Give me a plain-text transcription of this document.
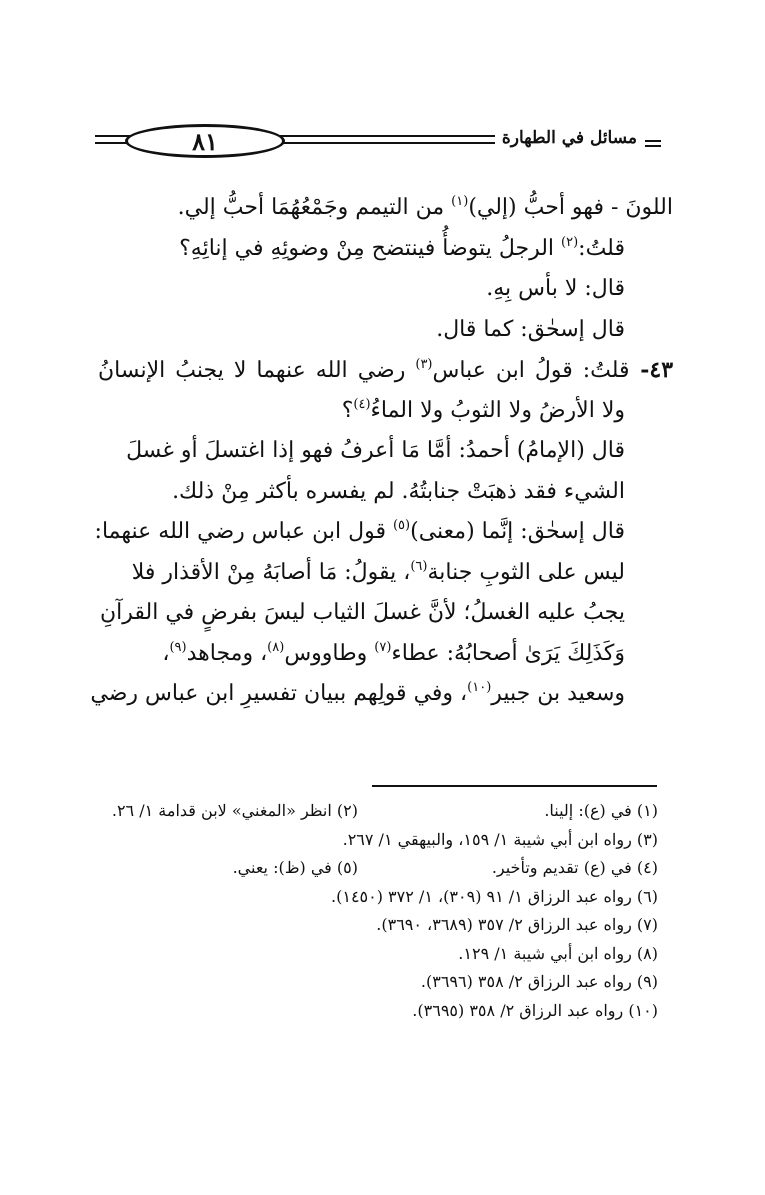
٨١	مسائل في الطهارة
اللونَ - فهو أحبُّ (إلي)$^{(١)}$ من التيمم وجَمْعُهُمَا أحبُّ إلي.
قلتُ:$^{(٢)}$ الرجلُ يتوضأُ فينتضح مِنْ وضوئِهِ في إنائِهِ؟
قال: لا بأس بِهِ.
قال إسحٰق: كما قال.
٤٣- قلتُ: قولُ ابن عباس$^{(٣)}$ رضي الله عنهما لا يجنبُ الإنسانُ
ولا الأرضُ ولا الثوبُ ولا الماءُ$^{(٤)}$؟
قال (الإمامُ) أحمدُ: أمَّا مَا أعرفُ فهو إذا اغتسلَ أو غسلَ
الشيء فقد ذهبَتْ جنابتُهُ. لم يفسره بأكثر مِنْ ذلك.
قال إسحٰق: إنَّما (معنى)$^{(٥)}$ قول ابن عباس رضي الله عنهما:
ليس على الثوبِ جنابة$^{(٦)}$، يقولُ: مَا أصابَهُ مِنْ الأقذار فلا
يجبُ عليه الغسلُ؛ لأنَّ غسلَ الثياب ليسَ بفرضٍ في القرآنِ
وَكَذَلِكَ يَرَىٰ أصحابُهُ: عطاء$^{(٧)}$ وطاووس$^{(٨)}$، ومجاهد$^{(٩)}$،
وسعيد بن جبير$^{(١٠)}$، وفي قولِهم ببيان تفسيرِ ابن عباس رضي
(١) في (ع): إلينا.(٢) انظر «المغني» لابن قدامة ١/ ٢٦.
(٣) رواه ابن أبي شيبة ١/ ١٥٩، والبيهقي ١/ ٢٦٧.
(٤) في (ع) تقديم وتأخير.(٥) في (ظ): يعني.
(٦) رواه عبد الرزاق ١/ ٩١ (٣٠٩)، ١/ ٣٧٢ (١٤٥٠).
(٧) رواه عبد الرزاق ٢/ ٣٥٧ (٣٦٨٩، ٣٦٩٠).
(٨) رواه ابن أبي شيبة ١/ ١٢٩.
(٩) رواه عبد الرزاق ٢/ ٣٥٨ (٣٦٩٦).
(١٠) رواه عبد الرزاق ٢/ ٣٥٨ (٣٦٩٥).
